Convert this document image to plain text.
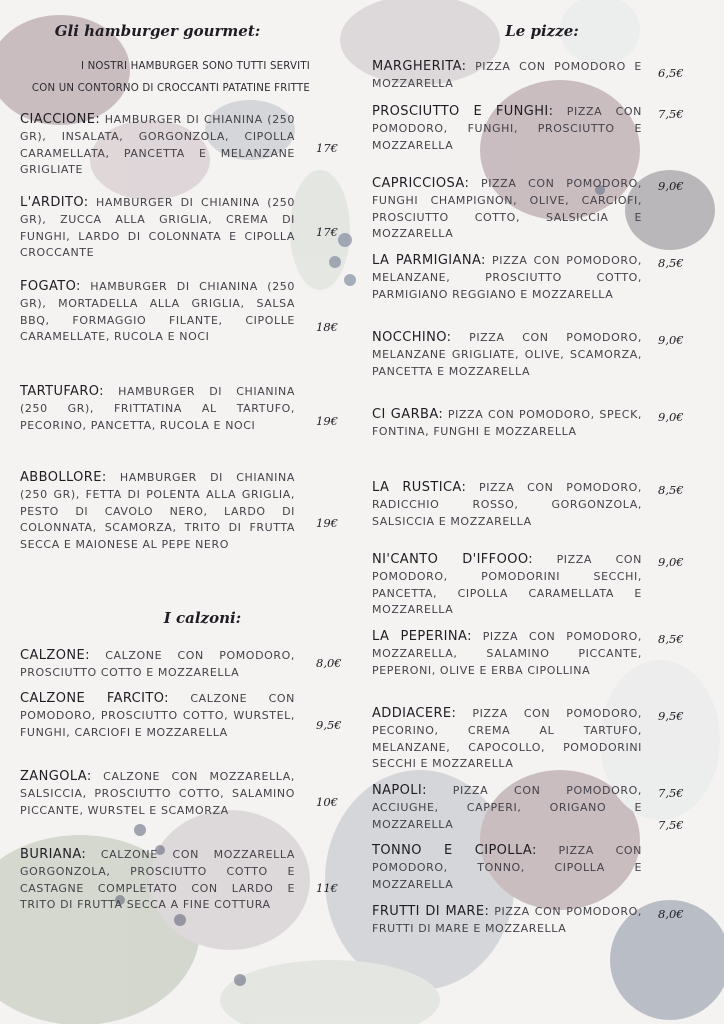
Gli hamburger gourmet:
I NOSTRI HAMBURGER SONO TUTTI SERVITI
CON UN CONTORNO DI CROCCANTI PATATINE FRITTE
CIACCIONE: HAMBURGER DI CHIANINA (250 GR), INSALATA, GORGONZOLA, CIPOLLA CARAMELLATA, PANCETTA E MELANZANE GRIGLIATE
17€
L'ARDITO: HAMBURGER DI CHIANINA (250 GR), ZUCCA ALLA GRIGLIA, CREMA DI FUNGHI, LARDO DI COLONNATA E CIPOLLA CROCCANTE
17€
FOGATO: HAMBURGER DI CHIANINA (250 GR), MORTADELLA ALLA GRIGLIA, SALSA BBQ, FORMAGGIO FILANTE, CIPOLLE CARAMELLATE, RUCOLA E NOCI
18€
TARTUFARO: HAMBURGER DI CHIANINA (250 GR), FRITTATINA AL TARTUFO, PECORINO, PANCETTA, RUCOLA E NOCI	19€
ABBOLLORE: HAMBURGER DI CHIANINA (250 GR), FETTA DI POLENTA ALLA GRIGLIA, PESTO DI CAVOLO NERO, LARDO DI COLONNATA, SCAMORZA, TRITO DI FRUTTA SECCA E MAIONESE AL PEPE NERO
19€
I calzoni:
CALZONE: CALZONE CON POMODORO, PROSCIUTTO COTTO E MOZZARELLA
8,0€
CALZONE FARCITO: CALZONE CON POMODORO, PROSCIUTTO COTTO, WURSTEL, FUNGHI, CARCIOFI E MOZZARELLA
9,5€
ZANGOLA: CALZONE CON MOZZARELLA, SALSICCIA, PROSCIUTTO COTTO, SALAMINO PICCANTE, WURSTEL E SCAMORZA
10€
BURIANA: CALZONE CON MOZZARELLA GORGONZOLA, PROSCIUTTO COTTO E CASTAGNE COMPLETATO CON LARDO E TRITO DI FRUTTA SECCA A FINE COTTURA
11€
Le pizze:
MARGHERITA: PIZZA CON POMODORO E MOZZARELLA
6,5€
PROSCIUTTO E FUNGHI: PIZZA CON POMODORO, FUNGHI, PROSCIUTTO E MOZZARELLA
7,5€
CAPRICCIOSA: PIZZA CON POMODORO, FUNGHI CHAMPIGNON, OLIVE, CARCIOFI, PROSCIUTTO COTTO, SALSICCIA E MOZZARELLA
9,0€
LA PARMIGIANA: PIZZA CON POMODORO, MELANZANE, PROSCIUTTO COTTO, PARMIGIANO REGGIANO E MOZZARELLA
8,5€
NOCCHINO: PIZZA CON POMODORO, MELANZANE GRIGLIATE, OLIVE, SCAMORZA, PANCETTA E MOZZARELLA
9,0€
CI GARBA: PIZZA CON POMODORO, SPECK, FONTINA, FUNGHI E MOZZARELLA
9,0€
LA RUSTICA: PIZZA CON POMODORO, RADICCHIO ROSSO, GORGONZOLA, SALSICCIA E MOZZARELLA
8,5€
NI'CANTO D'IFFOOO: PIZZA CON POMODORO, POMODORINI SECCHI, PANCETTA, CIPOLLA CARAMELLATA E MOZZARELLA
9,0€
LA PEPERINA: PIZZA CON POMODORO, MOZZARELLA, SALAMINO PICCANTE, PEPERONI, OLIVE E ERBA CIPOLLINA
8,5€
ADDIACERE: PIZZA CON POMODORO, PECORINO, CREMA AL TARTUFO, MELANZANE, CAPOCOLLO, POMODORINI SECCHI E MOZZARELLA
9,5€
NAPOLI: PIZZA CON POMODORO, ACCIUGHE, CAPPERI, ORIGANO E MOZZARELLA
7,5€
TONNO E CIPOLLA: PIZZA CON POMODORO, TONNO, CIPOLLA E MOZZARELLA
7,5€
FRUTTI DI MARE: PIZZA CON POMODORO, FRUTTI DI MARE E MOZZARELLA
8,0€
